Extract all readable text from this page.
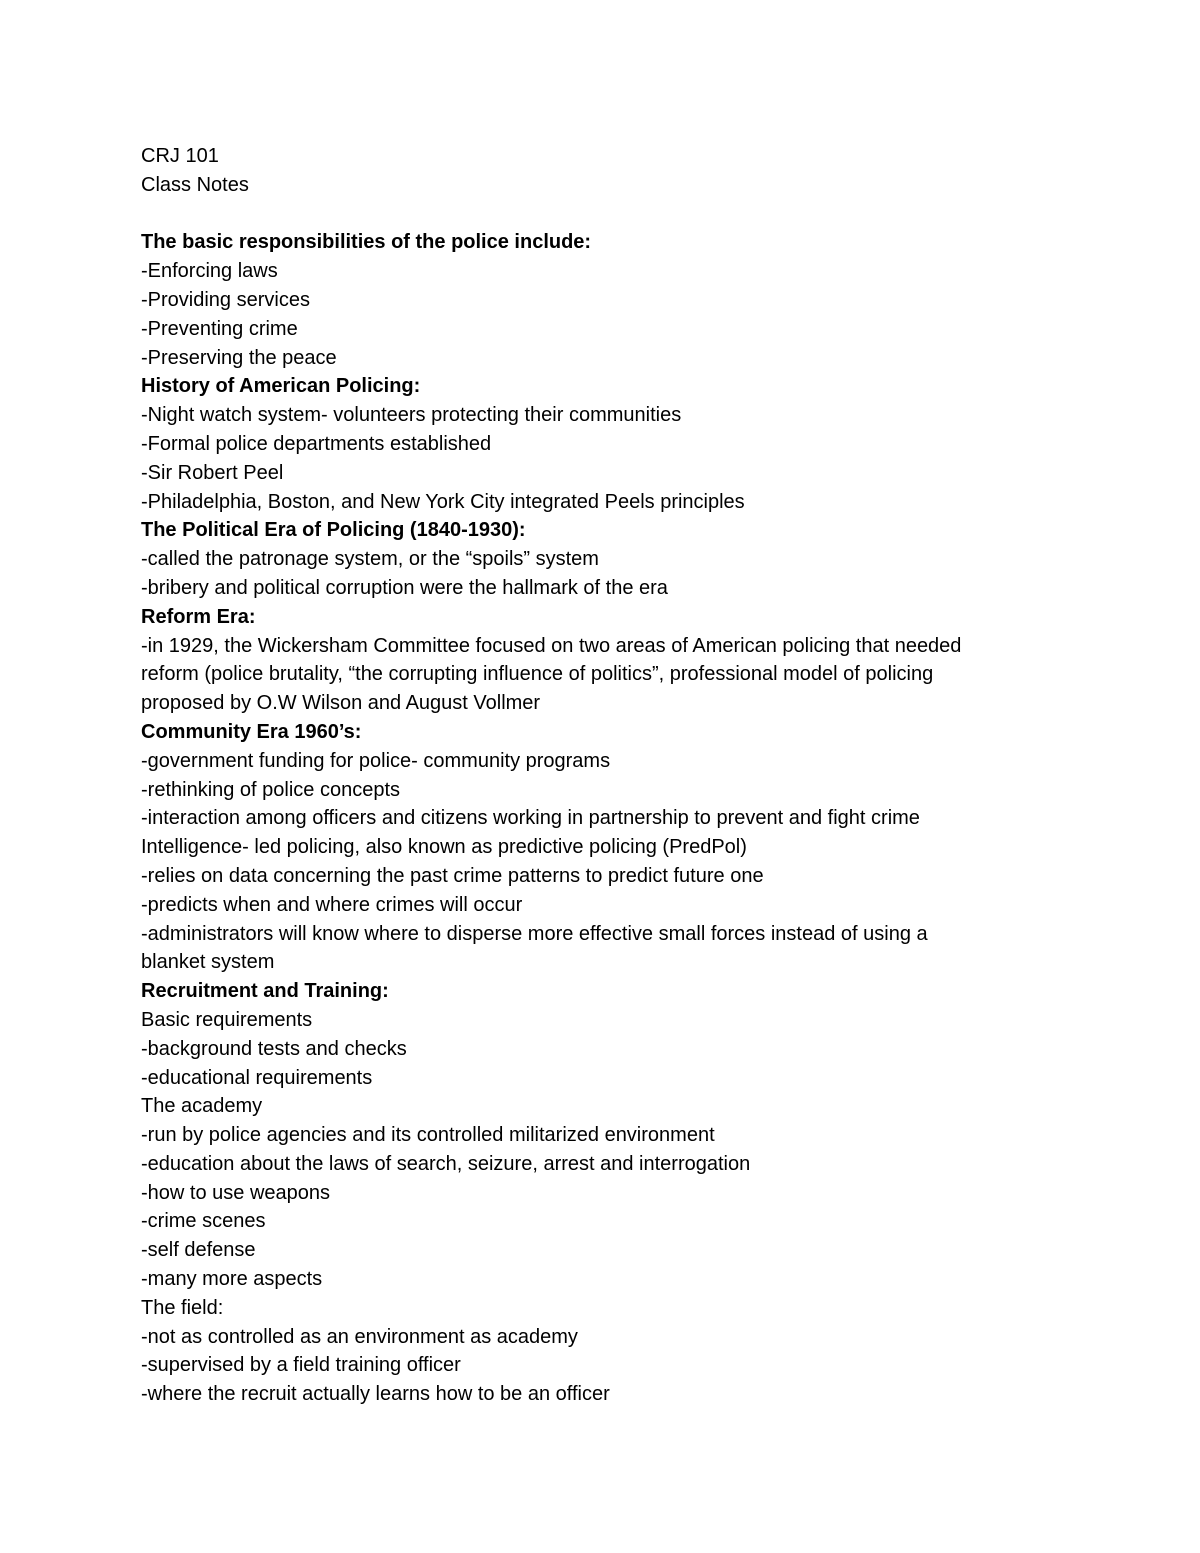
CRJ 101
Class Notes
The basic responsibilities of the police include:
-Enforcing laws
-Providing services
-Preventing crime
-Preserving the peace
History of American Policing:
-Night watch system- volunteers protecting their communities
-Formal police departments established
-Sir Robert Peel
-Philadelphia, Boston, and New York City integrated Peels principles
The Political Era of Policing (1840-1930):
-called the patronage system, or the “spoils” system
-bribery and political corruption were the hallmark of the era
Reform Era:
-in 1929, the Wickersham Committee focused on two areas of American policing that needed
reform (police brutality, “the corrupting influence of politics”, professional model of policing
proposed by O.W Wilson and August Vollmer
Community Era 1960’s:
-government funding for police- community programs
-rethinking of police concepts
-interaction among officers and citizens working in partnership to prevent and fight crime
Intelligence- led policing, also known as predictive policing (PredPol)
-relies on data concerning the past crime patterns to predict future one
-predicts when and where crimes will occur
-administrators will know where to disperse more effective small forces instead of using a
blanket system
Recruitment and Training:
Basic requirements
-background tests and checks
-educational requirements
The academy
-run by police agencies and its controlled militarized environment
-education about the laws of search, seizure, arrest and interrogation
-how to use weapons
-crime scenes
-self defense
-many more aspects
The field:
-not as controlled as an environment as academy
-supervised by a field training officer
-where the recruit actually learns how to be an officer
